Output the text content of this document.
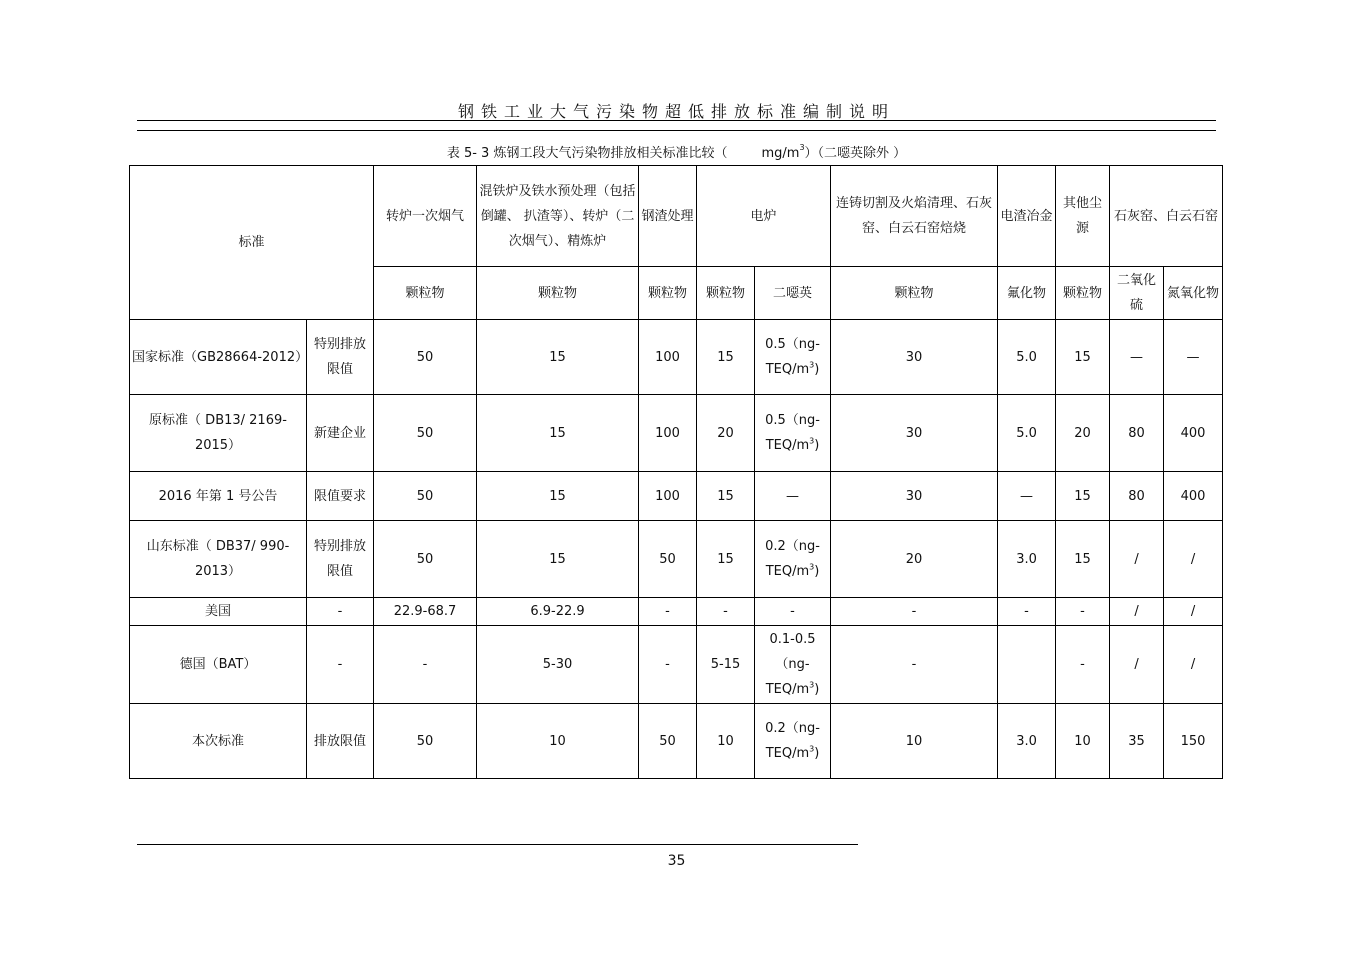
钢铁工业大气污染物超低排放标准编制说明
表 5- 3 炼钢工段大气污染物排放相关标准比较（	$mg/m^3$）（二噁英除外 ）
标准		转炉一次烟气	混铁炉及铁水预处理（包括倒罐、 扒渣等）、转炉（二次烟气）、精炼炉	钢渣处理	电炉		连铸切割及火焰清理、石灰窑、白云石窑焙烧	电渣冶金	其他尘源	石灰窑、白云石窑	
		颗粒物	颗粒物	颗粒物	颗粒物	二噁英	颗粒物	氟化物	颗粒物	二氧化硫	氮氧化物
国家标准（GB28664-2012）	特别排放限值	50	15	100	15	$0.5(ng-TEQ/m^3)$	30	5.0	15	—	—
原标准（ DB13/ 2169-2015）	新建企业	50	15	100	20	$0.5(ng-TEQ/m^3)$	30	5.0	20	80	400
2016 年第 1 号公告	限值要求	50	15	100	15	—	30	—	15	80	400
山东标准（ DB37/ 990-2013）	特别排放限值	50	15	50	15	$0.2(ng-TEQ/m^3)$	20	3.0	15	/	/
美国	-	22.9-68.7	6.9-22.9	-	-	-	-	-	-	/	/
德国（BAT）	-	-	5-30	-	5-15	$0.1-0.5(ng-TEQ/m^3)$	-		-	/	/
本次标准	排放限值	50	10	50	10	$0.2(ng-TEQ/m^3)$	10	3.0	10	35	150
35
